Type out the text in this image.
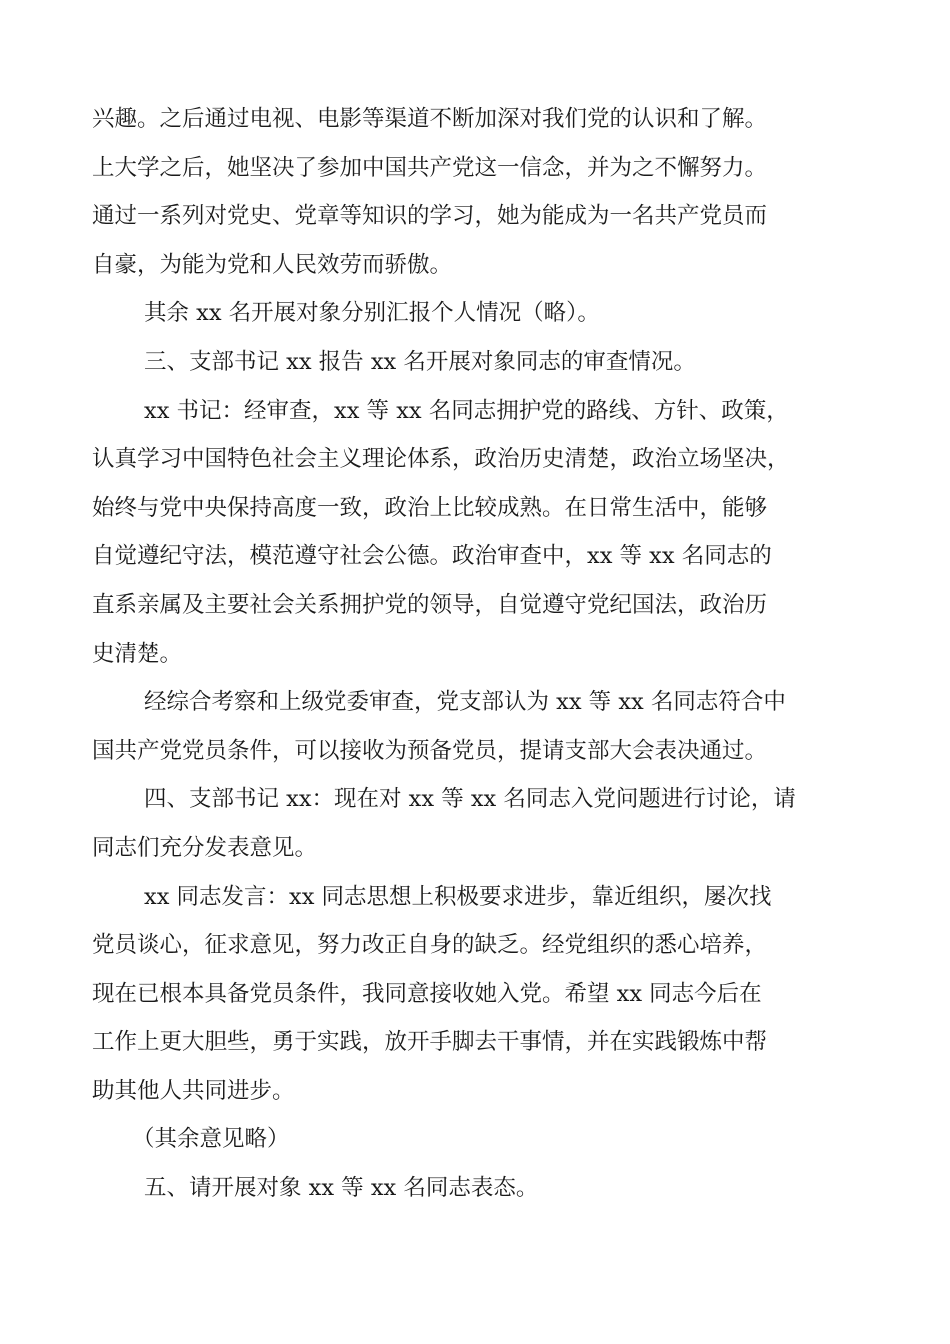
兴趣。之后通过电视、电影等渠道不断加深对我们党的认识和了解。
上大学之后，她坚决了参加中国共产党这一信念，并为之不懈努力。
通过一系列对党史、党章等知识的学习，她为能成为一名共产党员而
自豪，为能为党和人民效劳而骄傲。
其余 xx 名开展对象分别汇报个人情况（略）。
三、支部书记 xx 报告 xx 名开展对象同志的审查情况。
xx 书记：经审查，xx 等 xx 名同志拥护党的路线、方针、政策，
认真学习中国特色社会主义理论体系，政治历史清楚，政治立场坚决，
始终与党中央保持高度一致，政治上比较成熟。在日常生活中，能够
自觉遵纪守法，模范遵守社会公德。政治审查中，xx 等 xx 名同志的
直系亲属及主要社会关系拥护党的领导，自觉遵守党纪国法，政治历
史清楚。
经综合考察和上级党委审查，党支部认为 xx 等 xx 名同志符合中
国共产党党员条件，可以接收为预备党员，提请支部大会表决通过。
四、支部书记 xx：现在对 xx 等 xx 名同志入党问题进行讨论，请
同志们充分发表意见。
xx 同志发言：xx 同志思想上积极要求进步，靠近组织，屡次找
党员谈心，征求意见，努力改正自身的缺乏。经党组织的悉心培养，
现在已根本具备党员条件，我同意接收她入党。希望 xx 同志今后在
工作上更大胆些，勇于实践，放开手脚去干事情，并在实践锻炼中帮
助其他人共同进步。
（其余意见略）
五、请开展对象 xx 等 xx 名同志表态。
